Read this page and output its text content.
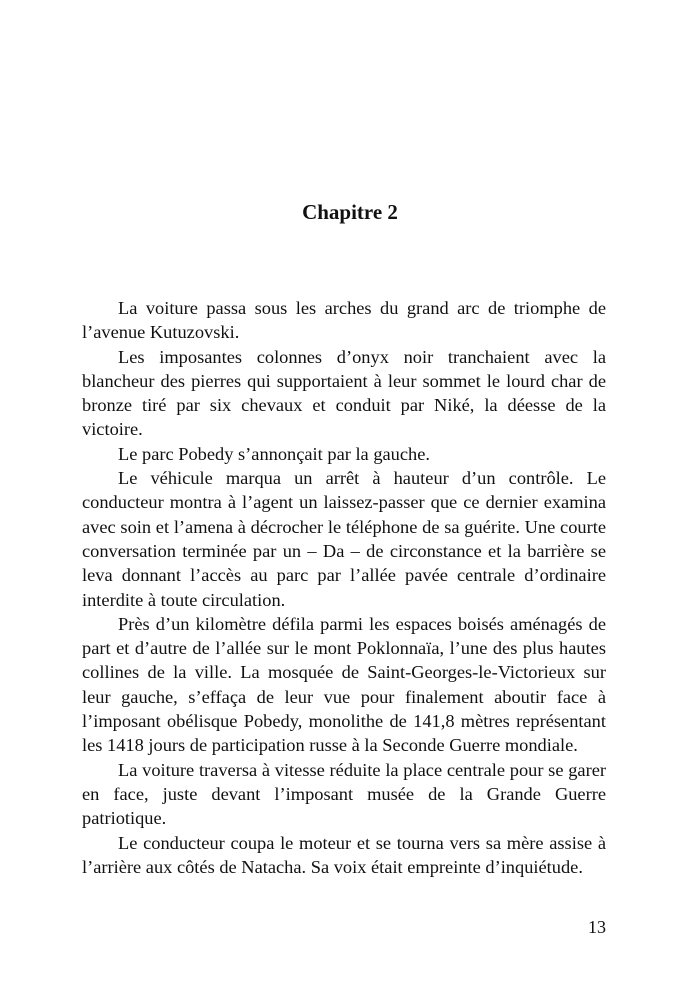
Chapitre 2

La voiture passa sous les arches du grand arc de triomphe de l’avenue Kutuzovski.

Les imposantes colonnes d’onyx noir tranchaient avec la blancheur des pierres qui supportaient à leur sommet le lourd char de bronze tiré par six chevaux et conduit par Niké, la déesse de la victoire.

Le parc Pobedy s’annonçait par la gauche.

Le véhicule marqua un arrêt à hauteur d’un contrôle. Le conducteur montra à l’agent un laissez-passer que ce dernier examina avec soin et l’amena à décrocher le téléphone de sa guérite. Une courte conversation terminée par un – Da – de circonstance et la barrière se leva donnant l’accès au parc par l’allée pavée centrale d’ordinaire interdite à toute circulation.

Près d’un kilomètre défila parmi les espaces boisés aménagés de part et d’autre de l’allée sur le mont Poklonnaïa, l’une des plus hautes collines de la ville. La mosquée de Saint-Georges-le-Victorieux sur leur gauche, s’effaça de leur vue pour finalement aboutir face à l’imposant obélisque Pobedy, monolithe de 141,8 mètres représentant les 1418 jours de participation russe à la Seconde Guerre mondiale.

La voiture traversa à vitesse réduite la place centrale pour se garer en face, juste devant l’imposant musée de la Grande Guerre patriotique.

Le conducteur coupa le moteur et se tourna vers sa mère assise à l’arrière aux côtés de Natacha. Sa voix était empreinte d’inquiétude.

13
